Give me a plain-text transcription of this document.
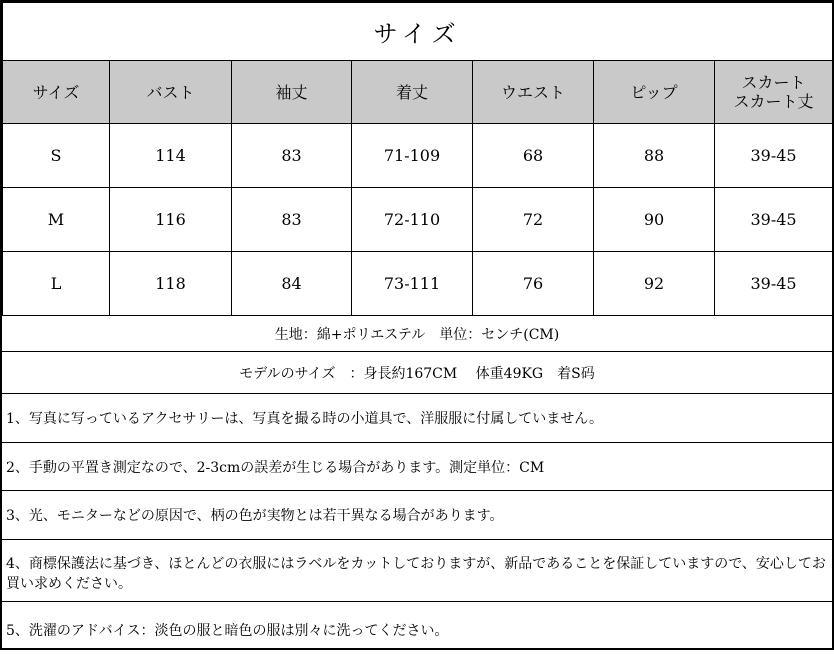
サイズ						
サイズ	バスト	袖丈	着丈	ウエスト	ピップ	スカート
スカート丈
S	114	83	71-109	68	88	39-45
M	116	83	72-110	72	90	39-45
L	118	84	73-111	76	92	39-45
生地：綿+ポリエステル　単位：センチ(CM)
モデルのサイズ　：身長約167CM　 体重49KG　着S码
1、写真に写っているアクセサリーは、写真を撮る時の小道具で、洋服服に付属していません。
2、手動の平置き測定なので、2-3cmの誤差が生じる場合があります。測定単位：CM
3、光、モニターなどの原因で、柄の色が実物とは若干異なる場合があります。
4、商標保護法に基づき、ほとんどの衣服にはラベルをカットしておりますが、新品であることを保証していますので、安心してお買い求めください。
5、洗濯のアドバイス：淡色の服と暗色の服は別々に洗ってください。
